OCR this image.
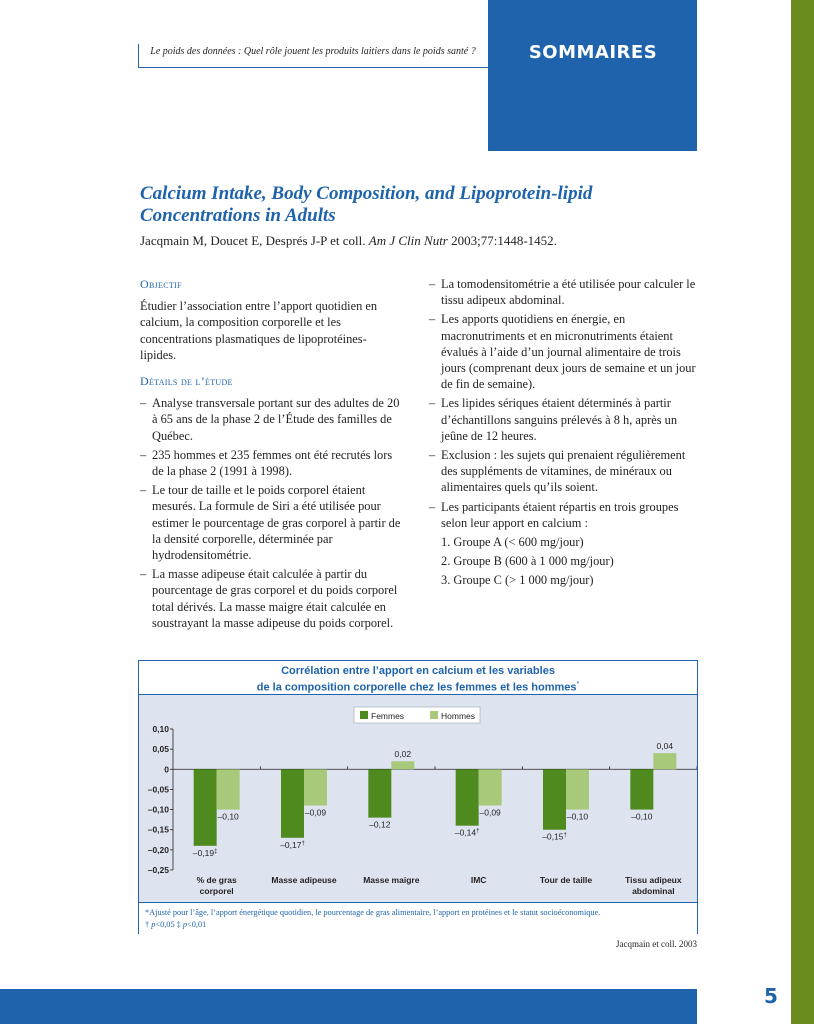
SOMMAIRES
Le poids des données : Quel rôle jouent les produits laitiers dans le poids santé ?
Calcium Intake, Body Composition, and Lipoprotein-lipid Concentrations in Adults
Jacqmain M, Doucet E, Després J-P et coll. Am J Clin Nutr 2003;77:1448-1452.
Objectif
Étudier l’association entre l’apport quotidien en calcium, la composition corporelle et les concentrations plasmatiques de lipoprotéines-lipides.
Détails de l’étude
– Analyse transversale portant sur des adultes de 20 à 65 ans de la phase 2 de l’Étude des familles de Québec.
– 235 hommes et 235 femmes ont été recrutés lors de la phase 2 (1991 à 1998).
– Le tour de taille et le poids corporel étaient mesurés. La formule de Siri a été utilisée pour estimer le pourcentage de gras corporel à partir de la densité corporelle, déterminée par hydrodensitométrie.
– La masse adipeuse était calculée à partir du pourcentage de gras corporel et du poids corporel total dérivés. La masse maigre était calculée en soustrayant la masse adipeuse du poids corporel.
– La tomodensitométrie a été utilisée pour calculer le tissu adipeux abdominal.
– Les apports quotidiens en énergie, en macronutriments et en micronutriments étaient évalués à l’aide d’un journal alimentaire de trois jours (comprenant deux jours de semaine et un jour de fin de semaine).
– Les lipides sériques étaient déterminés à partir d’échantillons sanguins prélevés à 8 h, après un jeûne de 12 heures.
– Exclusion : les sujets qui prenaient régulièrement des suppléments de vitamines, de minéraux ou alimentaires quels qu’ils soient.
– Les participants étaient répartis en trois groupes selon leur apport en calcium :
1. Groupe A (< 600 mg/jour)
2. Groupe B (600 à 1 000 mg/jour)
3. Groupe C (> 1 000 mg/jour)
Corrélation entre l’apport en calcium et les variables
de la composition corporelle chez les femmes et les hommes*
Femmes	Hommes
0,10
0,05
0
–0,05
–0,10
–0,15
–0,20
–0,25
–0,19‡
–0,10
% de gras
corporel
–0,17†
–0,09
Masse adipeuse
–0,12
0,02
Masse maigre
–0,14†
–0,09
IMC
–0,15†
–0,10
Tour de taille
–0,10
0,04
Tissu adipeux
abdominal
*Ajusté pour l’âge, l’apport énergétique quotidien, le pourcentage de gras alimentaire, l’apport en protéines et le statut socioéconomique.
† p<0,05 ‡ p<0,01
Jacqmain et coll. 2003
5
